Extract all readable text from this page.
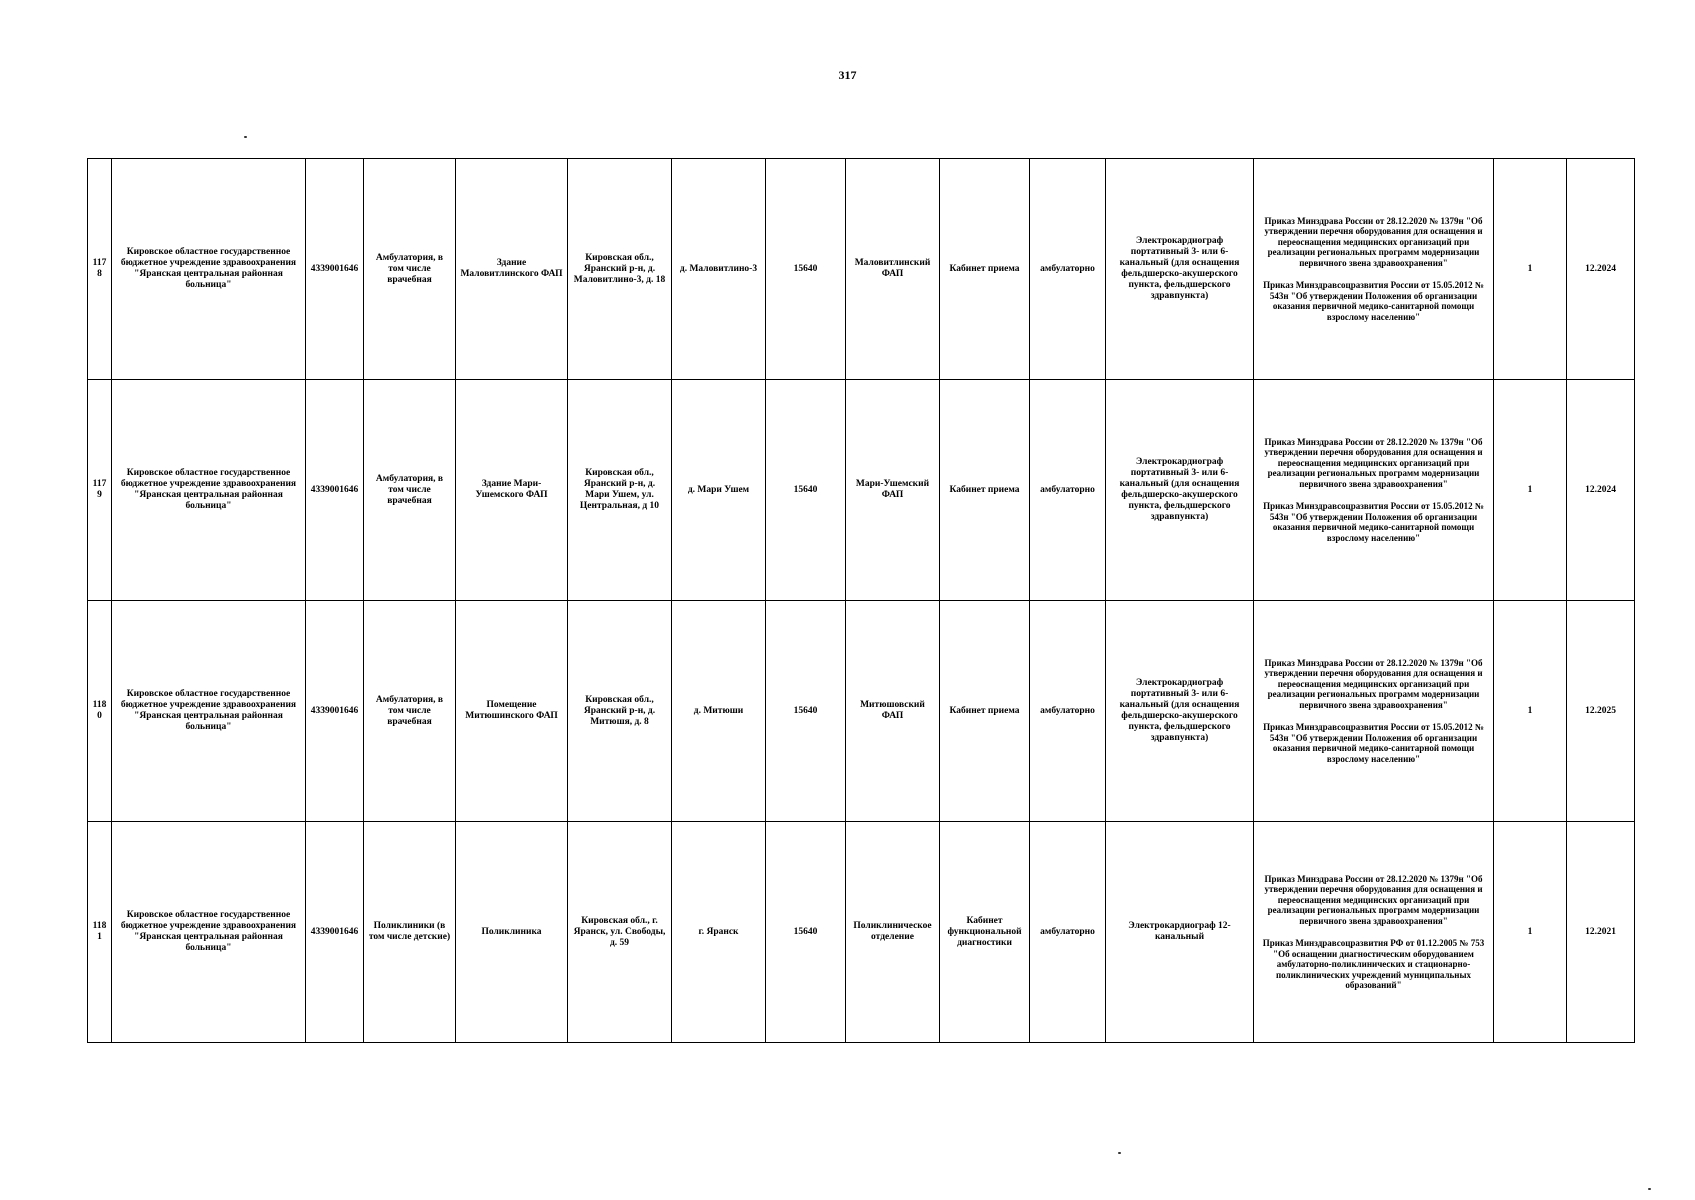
317
1178	Кировское областное государственное бюджетное учреждение здравоохранения "Яранская центральная районная больница"	4339001646	Амбулатория, в том числе врачебная	Здание Маловитлинского ФАП	Кировская обл., Яранский р-н, д. Маловитлино-3, д. 18	д. Маловитлино-3	15640	Маловитлинский ФАП	Кабинет приема	амбулаторно	Электрокардиограф портативный 3- или 6-канальный (для оснащения фельдшерско-акушерского пункта, фельдшерского здравпункта)	Приказ Минздрава России от 28.12.2020 № 1379н "Об утверждении перечня оборудования для оснащения и переоснащения медицинских организаций при реализации региональных программ модернизации первичного звена здравоохранения"
Приказ Минздравсоцразвития России от 15.05.2012 № 543н "Об утверждении Положения об организации оказания первичной медико-санитарной помощи взрослому населению"	1	12.2024
1179	Кировское областное государственное бюджетное учреждение здравоохранения "Яранская центральная районная больница"	4339001646	Амбулатория, в том числе врачебная	Здание Мари-Ушемского ФАП	Кировская обл., Яранский р-н, д. Мари Ушем, ул. Центральная, д 10	д. Мари Ушем	15640	Мари-Ушемский ФАП	Кабинет приема	амбулаторно	Электрокардиограф портативный 3- или 6-канальный (для оснащения фельдшерско-акушерского пункта, фельдшерского здравпункта)	Приказ Минздрава России от 28.12.2020 № 1379н "Об утверждении перечня оборудования для оснащения и переоснащения медицинских организаций при реализации региональных программ модернизации первичного звена здравоохранения"
Приказ Минздравсоцразвития России от 15.05.2012 № 543н "Об утверждении Положения об организации оказания первичной медико-санитарной помощи взрослому населению"	1	12.2024
1180	Кировское областное государственное бюджетное учреждение здравоохранения "Яранская центральная районная больница"	4339001646	Амбулатория, в том числе врачебная	Помещение Митюшинского ФАП	Кировская обл., Яранский р-н, д. Митюшя, д. 8	д. Митюши	15640	Митюшовский ФАП	Кабинет приема	амбулаторно	Электрокардиограф портативный 3- или 6-канальный (для оснащения фельдшерско-акушерского пункта, фельдшерского здравпункта)	Приказ Минздрава России от 28.12.2020 № 1379н "Об утверждении перечня оборудования для оснащения и переоснащения медицинских организаций при реализации региональных программ модернизации первичного звена здравоохранения"
Приказ Минздравсоцразвития России от 15.05.2012 № 543н "Об утверждении Положения об организации оказания первичной медико-санитарной помощи взрослому населению"	1	12.2025
1181	Кировское областное государственное бюджетное учреждение здравоохранения "Яранская центральная районная больница"	4339001646	Поликлиники (в том числе детские)	Поликлиника	Кировская обл., г. Яранск, ул. Свободы, д. 59	г. Яранск	15640	Поликлиническое отделение	Кабинет функциональной диагностики	амбулаторно	Электрокардиограф 12-канальный	Приказ Минздрава России от 28.12.2020 № 1379н "Об утверждении перечня оборудования для оснащения и переоснащения медицинских организаций при реализации региональных программ модернизации первичного звена здравоохранения"
Приказ Минздравсоцразвития РФ от 01.12.2005 № 753 "Об оснащении диагностическим оборудованием амбулаторно-поликлинических и стационарно-поликлинических учреждений муниципальных образований"	1	12.2021
